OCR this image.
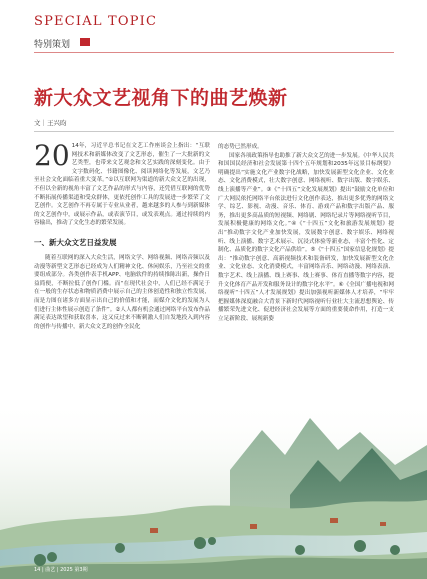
SPECIAL TOPIC
特别策划
新大众文艺视角下的曲艺焕新
文｜王兴昀

20 14年，习近平总书记在文艺工作座谈会上指出：“互联网技术和新媒体改变了文艺形态，催生了一大批新的文艺类型，也带来文艺观念和文艺实践的深刻变化。由于文字数码化、书籍图像化、阅读网络化等发展，文艺乃至社会文化面临着重大变革。”①以互联网为渠道的新大众文艺的出现，不但以全新的视角丰富了文艺作品的形式与内容，还凭借互联网的优势不断拓展传播渠道和受众群体，更依托创作工具的发展进一步繁荣了文艺创作。文艺创作不再专属于专业从业者，越来越多的人参与到新媒体的文艺创作中，或展示作品，或表演节目，或发表观点。通过持续的内容输出，推动了文化生态的繁荣发展。

一、新大众文艺日益发展

随着互联网的深入大众生活，网络文学、网络视频、网络音频以及动漫等新型文艺形态已经成为人们精神文化、休闲娱乐，乃至社交的重要组成部分。各类创作表手机APP、电脑软件的持续推陈出新，操作日益简便，不断拉低了创作门槛。而“在现代社会中，人们已经不满足于在一般的生存状态和物质消费中展示自己的主体创造性和独立性发展，而是力图在诸多方面显示出自己的价值和才能，而媒介文化的发展为人们进行主体性展示创造了条件”。②人人都有机会通过网络平台发布作品满足表达欲望和获取喜本，这又反过来不断刺激人们自发地投入到内容的创作与传播中，新大众文艺的创作全民化

的态势已然形成。

国家各项政策指导也助推了新大众文艺的进一步发展。《中华人民共和国国民经济和社会发展第十四个五年规划和2035年远景目标纲要》明确提出“实施文化产业数字化战略，加快发展新型文化企业、文化业态、文化消费模式，壮大数字创意、网络视听、数字出版、数字娱乐、线上演播等产业”。③《“十四五”文化发展规划》提出“鼓励文化单位和广大网民依托网络平台依法进行文化创作表达，推出更多优秀的网络文学、综艺、影视、动漫、音乐、体育、游戏产品和数字出版产品、服务，推出更多高品质的短视频、网络剧、网络纪录片等网络视听节目，发展积极健康的网络文化。”④《“十四五”文化和旅游发展规划》提出“推动数字文化产业加快发展，发展数字创意、数字娱乐、网络视听、线上演播、数字艺术展示、沉浸式体验等新业态，丰富个性化、定制化、品质化的数字文化产品供给”。⑤《“十四五”国家信息化规划》提出：“推动数字创意、高新视频技术和装备研发，加快发展新型文化企业、文化业态、文化消费模式，丰富网络音乐、网络动漫、网络表演、数字艺术、线上演播、线上赛事、线上赛事、体育直播等数字内容，提升文化体育产品开发和服务设计的数字化水平”。⑥《全国广播电视和网络视听“十四五”人才发展规划》提出加强视听新媒体人才培养，“牢牢把握媒体深度融合大背景下新时代网络视听行业壮大主流思想舆论、传播繁荣先进文化、促进经济社会发展等方面的重要使命作用，打造一支立足新阶段、展现新姿

14 | 曲艺 | 2025 第3期
